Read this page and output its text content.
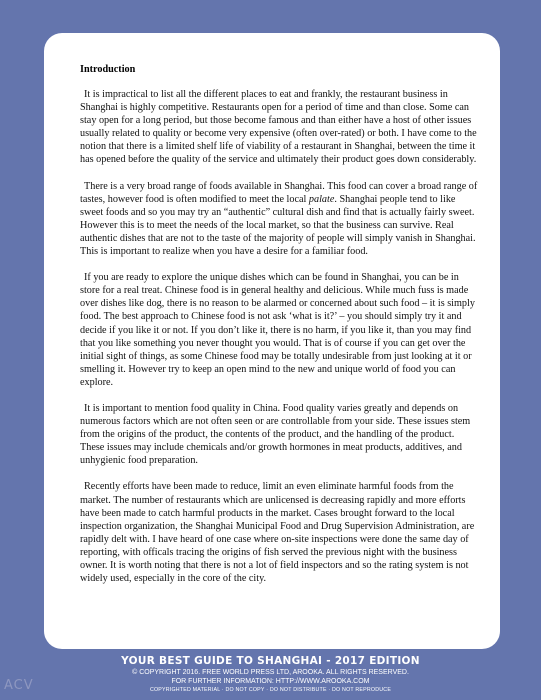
Introduction

It is impractical to list all the different places to eat and frankly, the restaurant business in Shanghai is highly competitive. Restaurants open for a period of time and than close. Some can stay open for a long period, but those become famous and than either have a host of other issues usually related to quality or become very expensive (often over-rated) or both. I have come to the notion that there is a limited shelf life of viability of a restaurant in Shanghai, between the time it has opened before the quality of the service and ultimately their product goes down considerably.

There is a very broad range of foods available in Shanghai. This food can cover a broad range of tastes, however food is often modified to meet the local palate. Shanghai people tend to like sweet foods and so you may try an “authentic” cultural dish and find that is actually fairly sweet. However this is to meet the needs of the local market, so that the business can survive. Real authentic dishes that are not to the taste of the majority of people will simply vanish in Shanghai. This is important to realize when you have a desire for a familiar food.

If you are ready to explore the unique dishes which can be found in Shanghai, you can be in store for a real treat. Chinese food is in general healthy and delicious. While much fuss is made over dishes like dog, there is no reason to be alarmed or concerned about such food – it is simply food. The best approach to Chinese food is not ask ‘what is it?’ – you should simply try it and decide if you like it or not. If you don’t like it, there is no harm, if you like it, than you may find that you like something you never thought you would. That is of course if you can get over the initial sight of things, as some Chinese food may be totally undesirable from just looking at it or smelling it. However try to keep an open mind to the new and unique world of food you can explore.

It is important to mention food quality in China. Food quality varies greatly and depends on numerous factors which are not often seen or are controllable from your side. These issues stem from the origins of the product, the contents of the product, and the handling of the product. These issues may include chemicals and/or growth hormones in meat products, additives, and unhygienic food preparation.

Recently efforts have been made to reduce, limit an even eliminate harmful foods from the market. The number of restaurants which are unlicensed is decreasing rapidly and more efforts have been made to catch harmful products in the market. Cases brought forward to the local inspection organization, the Shanghai Municipal Food and Drug Supervision Administration, are rapidly delt with. I have heard of one case where on-site inspections were done the same day of reporting, with officals tracing the origins of fish served the previous night with the business owner. It is worth noting that there is not a lot of field inspectors and so the rating system is not widely used, especially in the core of the city.

YOUR BEST GUIDE TO SHANGHAI - 2017 EDITION
© COPYRIGHT 2016. FREE WORLD PRESS LTD, AROOKA. ALL RIGHTS RESERVED.
FOR FURTHER INFORMATION: HTTP://WWW.AROOKA.COM
COPYRIGHTED MATERIAL · DO NOT COPY · DO NOT DISTRIBUTE · DO NOT REPRODUCE
ACV
